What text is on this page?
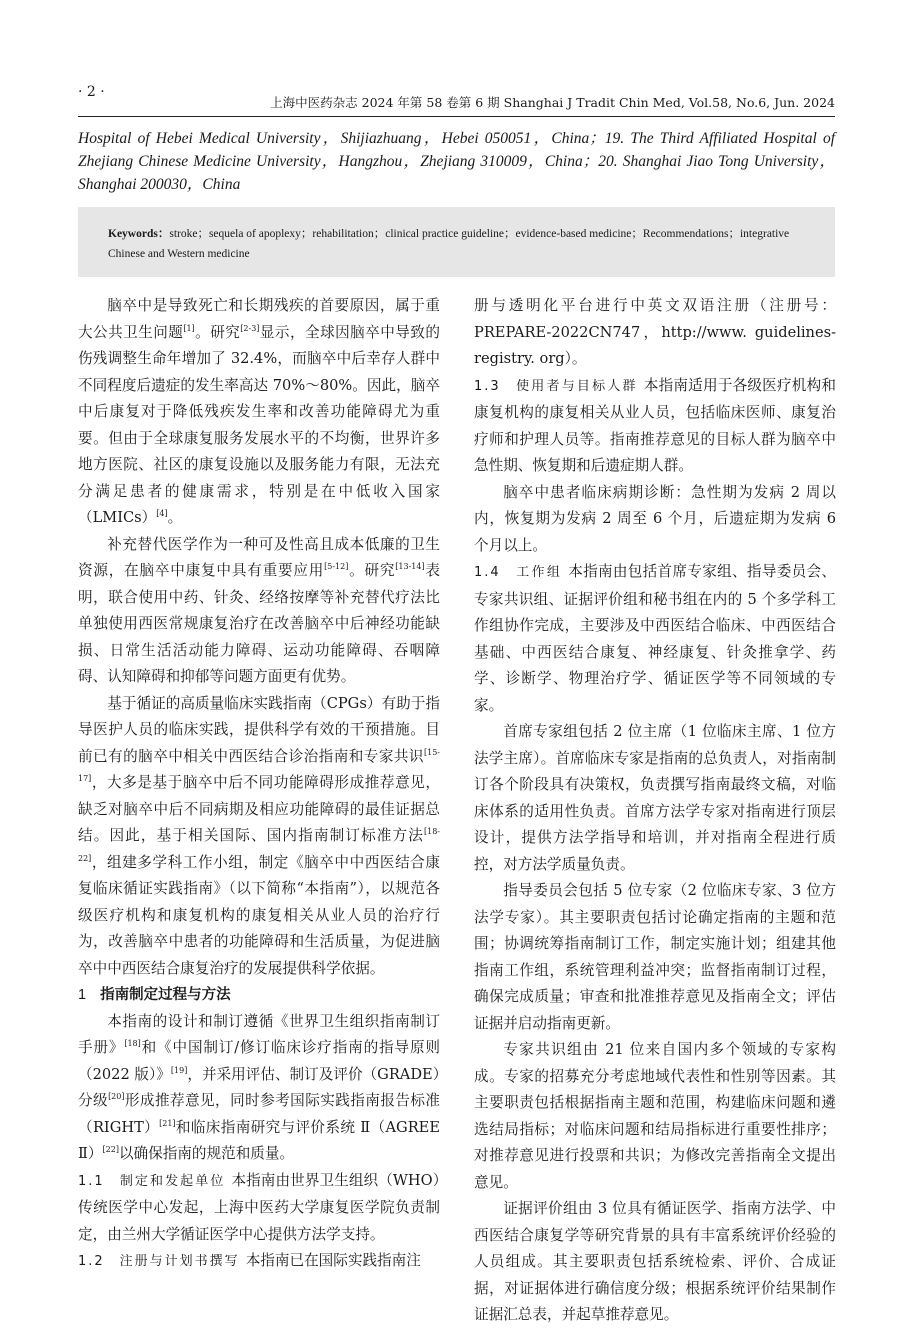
· 2 ·
上海中医药杂志 2024 年第 58 卷第 6 期 Shanghai J Tradit Chin Med, Vol.58, No.6, Jun. 2024
Hospital of Hebei Medical University，Shijiazhuang，Hebei 050051，China；19. The Third Affiliated Hospital of Zhejiang Chinese Medicine University，Hangzhou，Zhejiang 310009，China；20. Shanghai Jiao Tong University，Shanghai 200030，China
Keywords：stroke；sequela of apoplexy；rehabilitation；clinical practice guideline；evidence-based medicine；Recommendations；integrative Chinese and Western medicine

脑卒中是导致死亡和长期残疾的首要原因，属于重大公共卫生问题[1]。研究[2-3]显示，全球因脑卒中导致的伤残调整生命年增加了 32.4%，而脑卒中后幸存人群中不同程度后遗症的发生率高达 70%～80%。因此，脑卒中后康复对于降低残疾发生率和改善功能障碍尤为重要。但由于全球康复服务发展水平的不均衡，世界许多地方医院、社区的康复设施以及服务能力有限，无法充分满足患者的健康需求，特别是在中低收入国家（LMICs）[4]。

补充替代医学作为一种可及性高且成本低廉的卫生资源，在脑卒中康复中具有重要应用[5-12]。研究[13-14]表明，联合使用中药、针灸、经络按摩等补充替代疗法比单独使用西医常规康复治疗在改善脑卒中后神经功能缺损、日常生活活动能力障碍、运动功能障碍、吞咽障碍、认知障碍和抑郁等问题方面更有优势。

基于循证的高质量临床实践指南（CPGs）有助于指导医护人员的临床实践，提供科学有效的干预措施。目前已有的脑卒中相关中西医结合诊治指南和专家共识[15-17]，大多是基于脑卒中后不同功能障碍形成推荐意见，缺乏对脑卒中后不同病期及相应功能障碍的最佳证据总结。因此，基于相关国际、国内指南制订标准方法[18-22]，组建多学科工作小组，制定《脑卒中中西医结合康复临床循证实践指南》（以下简称“本指南”），以规范各级医疗机构和康复机构的康复相关从业人员的治疗行为，改善脑卒中患者的功能障碍和生活质量，为促进脑卒中中西医结合康复治疗的发展提供科学依据。

1 指南制定过程与方法

本指南的设计和制订遵循《世界卫生组织指南制订手册》[18]和《中国制订/修订临床诊疗指南的指导原则（2022 版）》[19]，并采用评估、制订及评价（GRADE）分级[20]形成推荐意见，同时参考国际实践指南报告标准（RIGHT）[21]和临床指南研究与评价系统 Ⅱ（AGREE Ⅱ）[22]以确保指南的规范和质量。

1.1　制定和发起单位 本指南由世界卫生组织（WHO）传统医学中心发起，上海中医药大学康复医学院负责制定，由兰州大学循证医学中心提供方法学支持。

1.2　注册与计划书撰写 本指南已在国际实践指南注

册与透明化平台进行中英文双语注册（注册号：PREPARE-2022CN747，http://www. guidelines-registry. org）。

1.3　使用者与目标人群 本指南适用于各级医疗机构和康复机构的康复相关从业人员，包括临床医师、康复治疗师和护理人员等。指南推荐意见的目标人群为脑卒中急性期、恢复期和后遗症期人群。

脑卒中患者临床病期诊断：急性期为发病 2 周以内，恢复期为发病 2 周至 6 个月，后遗症期为发病 6 个月以上。

1.4　工作组 本指南由包括首席专家组、指导委员会、专家共识组、证据评价组和秘书组在内的 5 个多学科工作组协作完成，主要涉及中西医结合临床、中西医结合基础、中西医结合康复、神经康复、针灸推拿学、药学、诊断学、物理治疗学、循证医学等不同领域的专家。

首席专家组包括 2 位主席（1 位临床主席、1 位方法学主席）。首席临床专家是指南的总负责人，对指南制订各个阶段具有决策权，负责撰写指南最终文稿，对临床体系的适用性负责。首席方法学专家对指南进行顶层设计，提供方法学指导和培训，并对指南全程进行质控，对方法学质量负责。

指导委员会包括 5 位专家（2 位临床专家、3 位方法学专家）。其主要职责包括讨论确定指南的主题和范围；协调统筹指南制订工作，制定实施计划；组建其他指南工作组，系统管理利益冲突；监督指南制订过程，确保完成质量；审查和批准推荐意见及指南全文；评估证据并启动指南更新。

专家共识组由 21 位来自国内多个领域的专家构成。专家的招募充分考虑地域代表性和性别等因素。其主要职责包括根据指南主题和范围，构建临床问题和遴选结局指标；对临床问题和结局指标进行重要性排序；对推荐意见进行投票和共识；为修改完善指南全文提出意见。

证据评价组由 3 位具有循证医学、指南方法学、中西医结合康复学等研究背景的具有丰富系统评价经验的人员组成。其主要职责包括系统检索、评价、合成证据，对证据体进行确信度分级；根据系统评价结果制作证据汇总表，并起草推荐意见。
